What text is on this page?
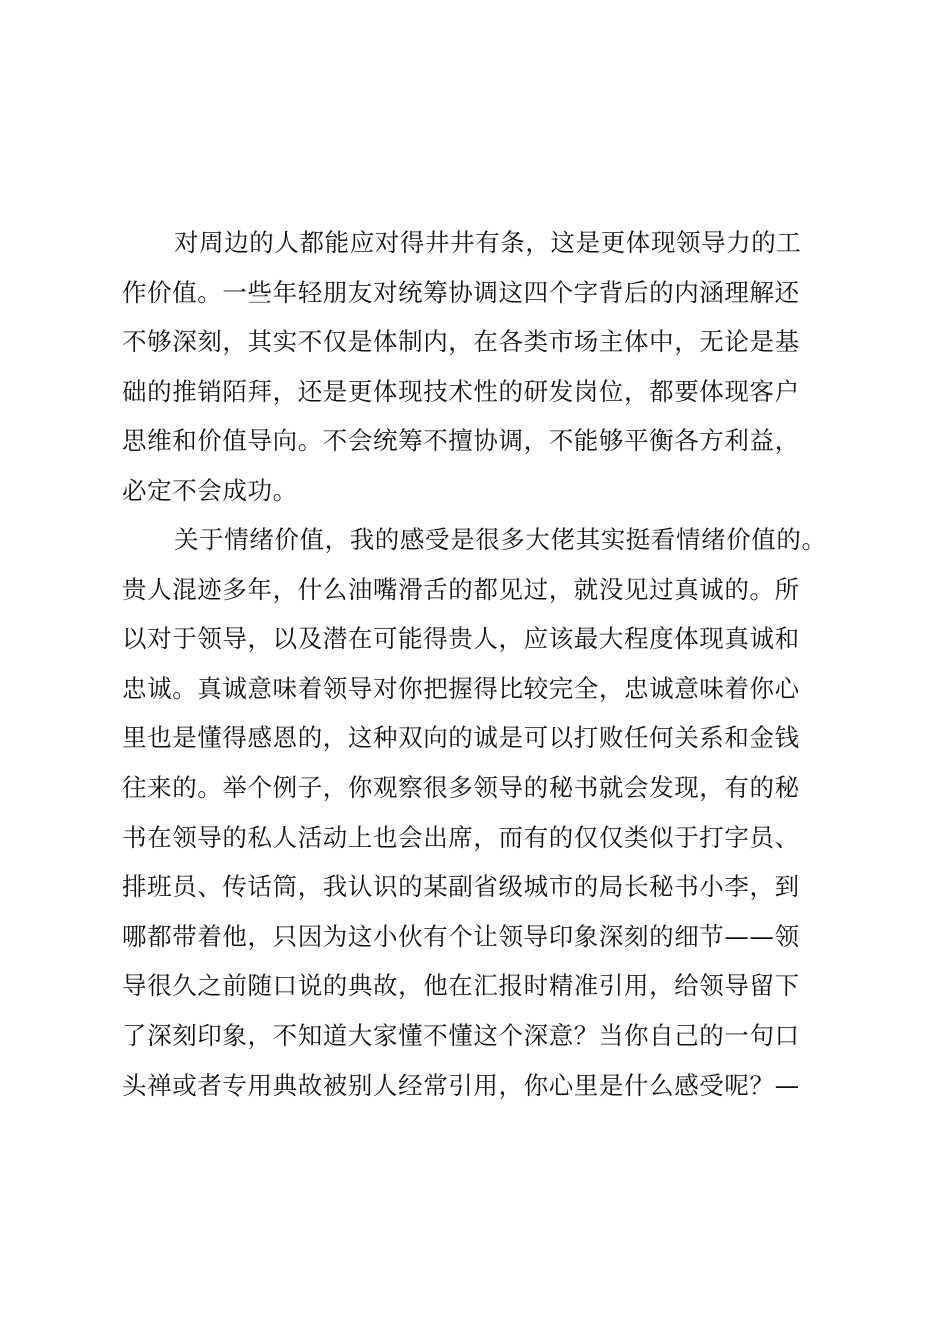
对周边的人都能应对得井井有条，这是更体现领导力的工

作价值。一些年轻朋友对统筹协调这四个字背后的内涵理解还

不够深刻，其实不仅是体制内，在各类市场主体中，无论是基

础的推销陌拜，还是更体现技术性的研发岗位，都要体现客户

思维和价值导向。不会统筹不擅协调，不能够平衡各方利益，

必定不会成功。

关于情绪价值，我的感受是很多大佬其实挺看情绪价值的。

贵人混迹多年，什么油嘴滑舌的都见过，就没见过真诚的。所

以对于领导，以及潜在可能得贵人，应该最大程度体现真诚和

忠诚。真诚意味着领导对你把握得比较完全，忠诚意味着你心

里也是懂得感恩的，这种双向的诚是可以打败任何关系和金钱

往来的。举个例子，你观察很多领导的秘书就会发现，有的秘

书在领导的私人活动上也会出席，而有的仅仅类似于打字员、

排班员、传话筒，我认识的某副省级城市的局长秘书小李，到

哪都带着他，只因为这小伙有个让领导印象深刻的细节——领

导很久之前随口说的典故，他在汇报时精准引用，给领导留下

了深刻印象，不知道大家懂不懂这个深意？当你自己的一句口

头禅或者专用典故被别人经常引用，你心里是什么感受呢？—
